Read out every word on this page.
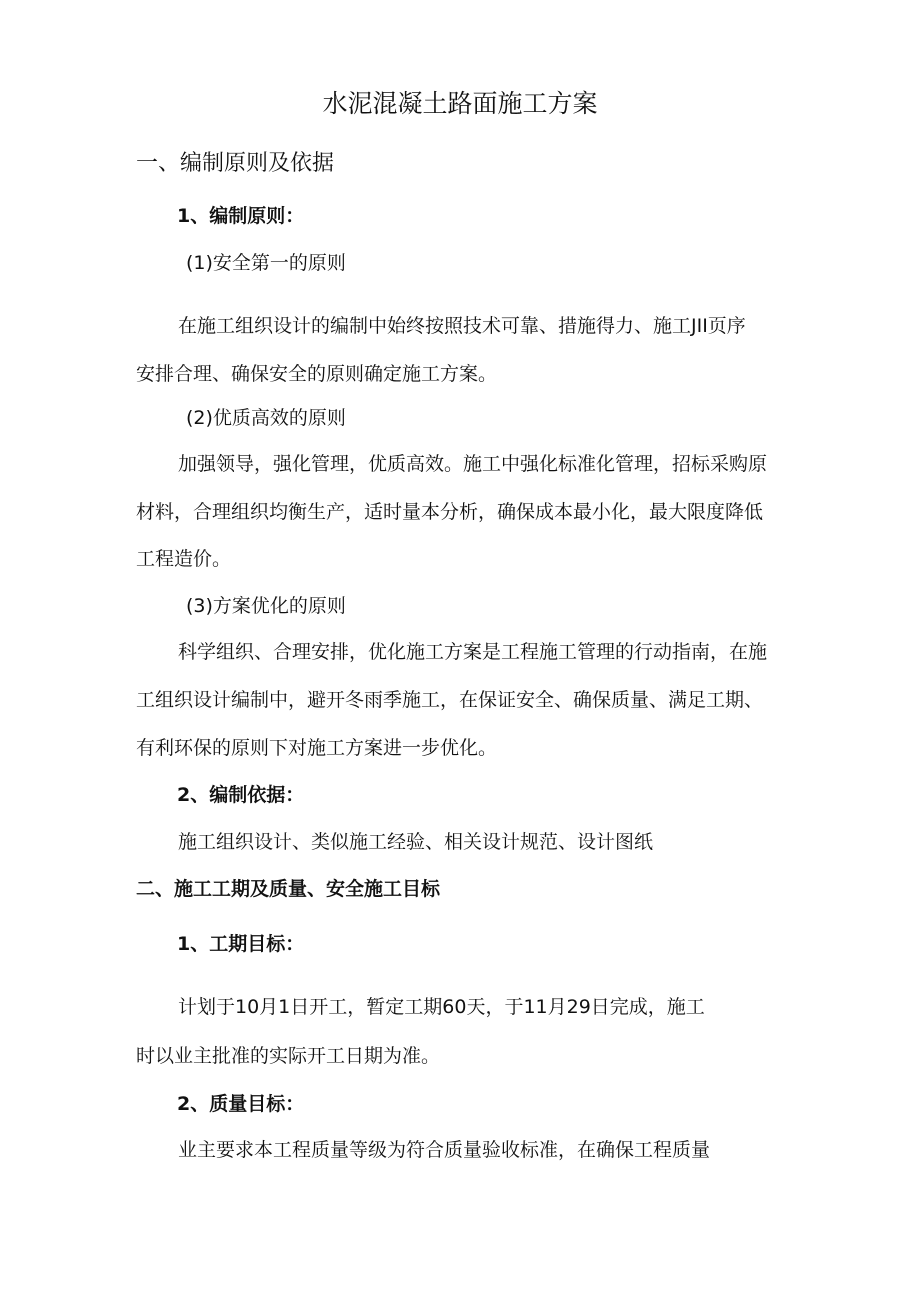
水泥混凝土路面施工方案
一、编制原则及依据
1、编制原则：
(1)安全第一的原则
在施工组织设计的编制中始终按照技术可靠、措施得力、施工JII页序
安排合理、确保安全的原则确定施工方案。
(2)优质高效的原则
加强领导，强化管理，优质高效。施工中强化标准化管理，招标采购原
材料，合理组织均衡生产，适时量本分析，确保成本最小化，最大限度降低
工程造价。
(3)方案优化的原则
科学组织、合理安排，优化施工方案是工程施工管理的行动指南，在施
工组织设计编制中，避开冬雨季施工，在保证安全、确保质量、满足工期、
有利环保的原则下对施工方案进一步优化。
2、编制依据：
施工组织设计、类似施工经验、相关设计规范、设计图纸
二、施工工期及质量、安全施工目标
1、工期目标：
计划于10月1日开工，暂定工期60天，于11月29日完成，施工
时以业主批准的实际开工日期为准。
2、质量目标：
业主要求本工程质量等级为符合质量验收标准，在确保工程质量
